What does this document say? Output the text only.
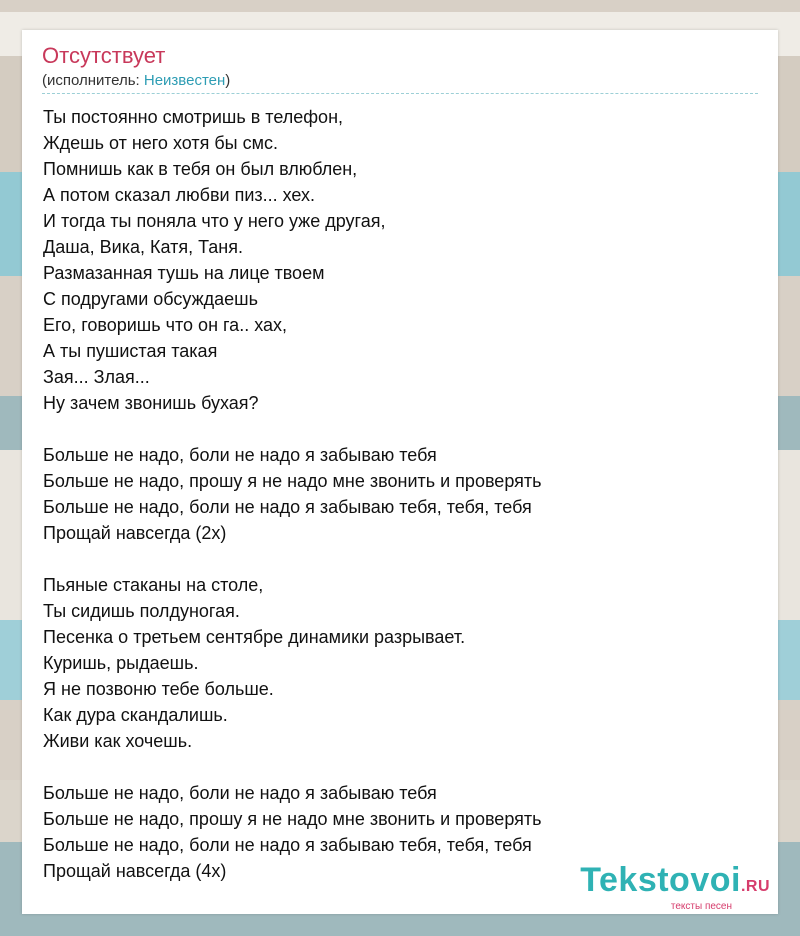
Отсутствует
(исполнитель: Неизвестен)
Ты постоянно смотришь в телефон,
Ждешь от него хотя бы смс.
Помнишь как в тебя он был влюблен,
А потом сказал любви пиз... хех.
И тогда ты поняла что у него уже другая,
Даша, Вика, Катя, Таня.
Размазанная тушь на лице твоем
С подругами обсуждаешь
Его, говоришь что он га.. хах,
А ты пушистая такая
Зая... Злая...
Ну зачем звонишь бухая?
Больше не надо, боли не надо я забываю тебя
Больше не надо, прошу я не надо мне звонить и проверять
Больше не надо, боли не надо я забываю тебя, тебя, тебя
Прощай навсегда (2х)
Пьяные стаканы на столе,
Ты сидишь полдуногая.
Песенка о третьем сентябре динамики разрывает.
Куришь, рыдаешь.
Я не позвоню тебе больше.
Как дура скандалишь.
Живи как хочешь.
Больше не надо, боли не надо я забываю тебя
Больше не надо, прошу я не надо мне звонить и проверять
Больше не надо, боли не надо я забываю тебя, тебя, тебя
Прощай навсегда (4х)	Tekstovoi.RU
тексты песен
